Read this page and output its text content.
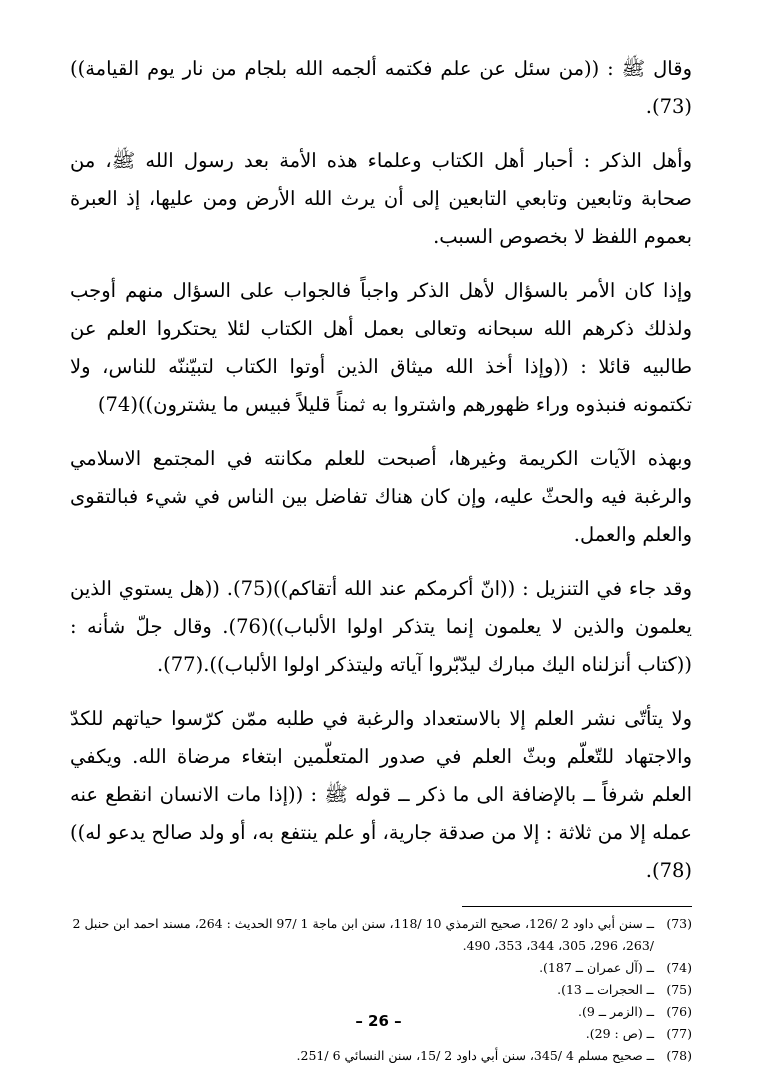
وقال ﷺ : ((من سئل عن علم فكتمه ألجمه الله بلجام من نار يوم القيامة))(73).

وأهل الذكر : أحبار أهل الكتاب وعلماء هذه الأمة بعد رسول الله ﷺ، من صحابة وتابعين وتابعي التابعين إلى أن يرث الله الأرض ومن عليها، إذ العبرة بعموم اللفظ لا بخصوص السبب.

وإذا كان الأمر بالسؤال لأهل الذكر واجباً فالجواب على السؤال منهم أوجب ولذلك ذكرهم الله سبحانه وتعالى بعمل أهل الكتاب لئلا يحتكروا العلم عن طالبيه قائلا : ((وإذا أخذ الله ميثاق الذين أوتوا الكتاب لتبيّننّه للناس، ولا تكتمونه فنبذوه وراء ظهورهم واشتروا به ثمناً قليلاً فبيس ما يشترون))(74)

وبهذه الآيات الكريمة وغيرها، أصبحت للعلم مكانته في المجتمع الاسلامي والرغبة فيه والحثّ عليه، وإن كان هناك تفاضل بين الناس في شيء فبالتقوى والعلم والعمل.

وقد جاء في التنزيل : ((انّ أكرمكم عند الله أتقاكم))(75). ((هل يستوي الذين يعلمون والذين لا يعلمون إنما يتذكر اولوا الألباب))(76). وقال جلّ شأنه : ((كتاب أنزلناه اليك مبارك ليدّبّروا آياته وليتذكر اولوا الألباب)).(77).

ولا يتأتّى نشر العلم إلا بالاستعداد والرغبة في طلبه ممّن كرّسوا حياتهم للكدّ والاجتهاد للتّعلّم وبثّ العلم في صدور المتعلّمين ابتغاء مرضاة الله. ويكفي العلم شرفاً ــ بالإضافة الى ما ذكر ــ قوله ﷺ : ((إذا مات الانسان انقطع عنه عمله إلا من ثلاثة : إلا من صدقة جارية، أو علم ينتفع به، أو ولد صالح يدعو له))(78).

(73)
ــ سنن أبي داود 2 /126، صحيح الترمذي 10 /118، سنن ابن ماجة 1 /97 الحديث : 264، مسند احمد ابن حنبل 2 /263، 296، 305، 344، 353، 490.
(74)
ــ (آل عمران ــ 187).
(75)
ــ الحجرات ــ 13).
(76)
ــ (الزمر ــ 9).
(77)
ــ (ص : 29).
(78)
ــ صحيح مسلم 4 /345، سنن أبي داود 2 /15، سنن النسائي 6 /251.
– 26 –
